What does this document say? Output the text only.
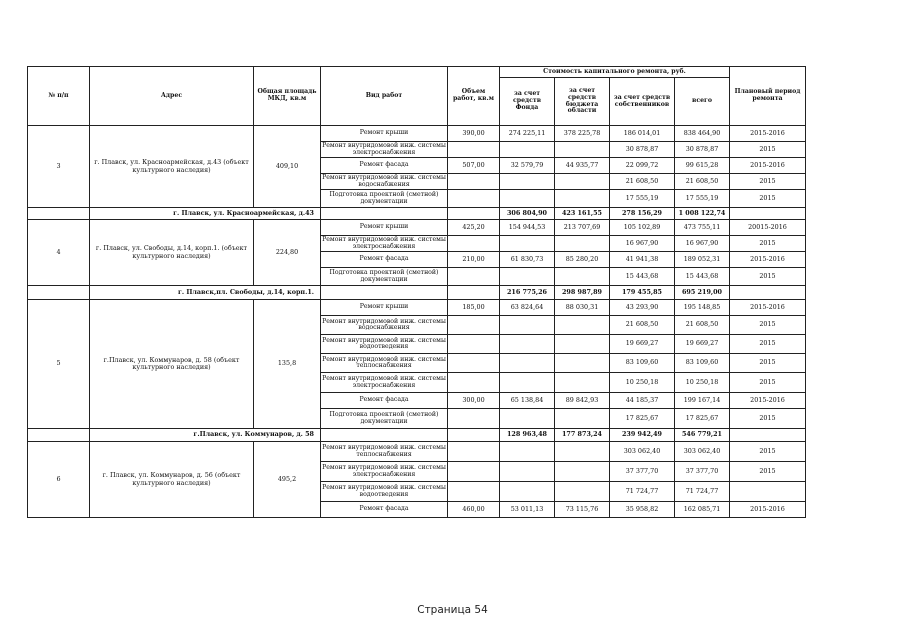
№ п/п	Адрес	Общая площадь МКД, кв.м	Вид работ	Объем работ, кв.м	Стоимость капитального ремонта, руб.				Плановый период ремонта
					за счет средств Фонда	за счет средств бюджета области	за счет средств собственников	всего	
3	г. Плавск, ул. Красноармейская, д.43 (объект культурного наследия)	409,10	Ремонт крыши	390,00	274 225,11	378 225,78	186 014,01	838 464,90	2015-2016
			Ремонт внутридомовой инж. системы электроснабжения				30 878,87	30 878,87	2015
			Ремонт фасада	507,00	32 579,79	44 935,77	22 099,72	99 615,28	2015-2016
			Ремонт внутридомовой инж. системы водоснабжения				21 608,50	21 608,50	2015
			Подготовка проектной (сметной) документации				17 555,19	17 555,19	2015
	г. Плавск, ул. Красноармейская, д.43				306 804,90	423 161,55	278 156,29	1 008 122,74	
4	г. Плавск, ул. Свободы, д.14, корп.1. (объект культурного наследия)	224,80	Ремонт крыши	425,20	154 944,53	213 707,69	105 102,89	473 755,11	20015-2016
			Ремонт внутридомовой инж. системы электроснабжения				16 967,90	16 967,90	2015
			Ремонт фасада	210,00	61 830,73	85 280,20	41 941,38	189 052,31	2015-2016
			Подготовка проектной (сметной) документации				15 443,68	15 443,68	2015
	г. Плавск,пл. Свободы, д.14, корп.1.				216 775,26	298 987,89	179 455,85	695 219,00	
5	г.Плавск, ул. Коммунаров, д. 58 (объект культурного наследия)	135,8	Ремонт крыши	185,00	63 824,64	88 030,31	43 293,90	195 148,85	2015-2016
			Ремонт внутридомовой инж. системы водоснабжения				21 608,50	21 608,50	2015
			Ремонт внутридомовой инж. системы водоотведения				19 669,27	19 669,27	2015
			Ремонт внутридомовой инж. системы теплоснабжения				83 109,60	83 109,60	2015
			Ремонт внутридомовой инж. системы электроснабжения				10 250,18	10 250,18	2015
			Ремонт фасада	300,00	65 138,84	89 842,93	44 185,37	199 167,14	2015-2016
			Подготовка проектной (сметной) документации				17 825,67	17 825,67	2015
	г.Плавск, ул. Коммунаров, д. 58				128 963,48	177 873,24	239 942,49	546 779,21	
6	г. Плавск, ул. Коммунаров, д. 56 (объект культурного наследия)	495,2	Ремонт внутридомовой инж. системы теплоснабжения				303 062,40	303 062,40	2015
			Ремонт внутридомовой инж. системы электроснабжения				37 377,70	37 377,70	2015
			Ремонт внутридомовой инж. системы водоотведения				71 724,77	71 724,77	
			Ремонт фасада	460,00	53 011,13	73 115,76	35 958,82	162 085,71	2015-2016
Страница 54
